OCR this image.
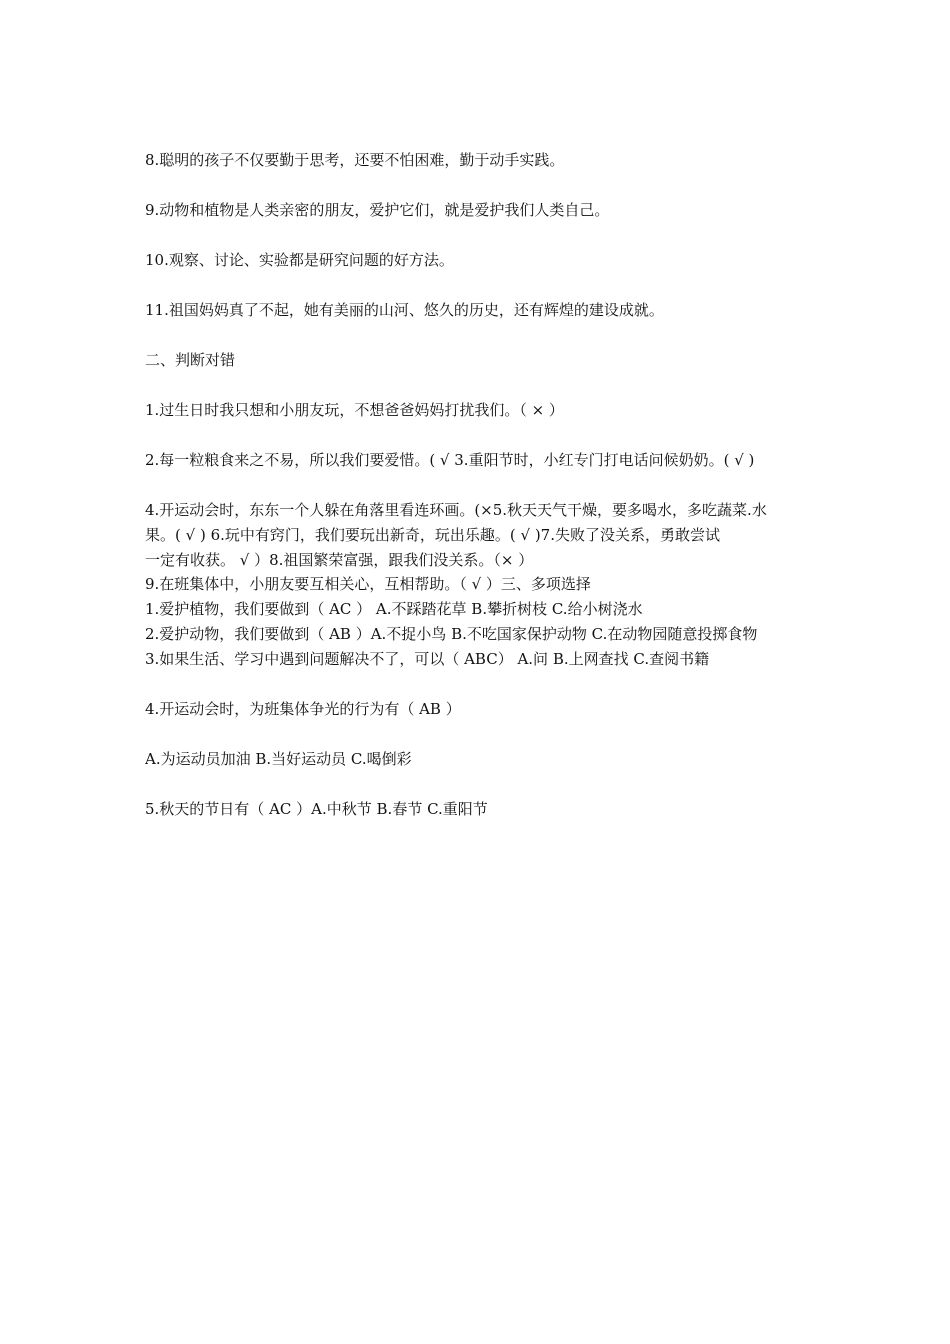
8.聪明的孩子不仅要勤于思考，还要不怕困难，勤于动手实践。
9.动物和植物是人类亲密的朋友，爱护它们，就是爱护我们人类自己。
10.观察、讨论、实验都是研究问题的好方法。
11.祖国妈妈真了不起，她有美丽的山河、悠久的历史，还有辉煌的建设成就。
二、判断对错
1.过生日时我只想和小朋友玩，不想爸爸妈妈打扰我们。（ × ）
2.每一粒粮食来之不易，所以我们要爱惜。( √ 3.重阳节时，小红专门打电话问候奶奶。( √ )
4.开运动会时，东东一个人躲在角落里看连环画。(×5.秋天天气干燥，要多喝水，多吃蔬菜.水
果。( √ ) 6.玩中有窍门，我们要玩出新奇，玩出乐趣。( √ )7.失败了没关系，勇敢尝试
一定有收获。 √ ）8.祖国繁荣富强，跟我们没关系。（× ）
9.在班集体中，小朋友要互相关心，互相帮助。（ √ ）三、多项选择
1.爱护植物，我们要做到（ AC ） A.不踩踏花草 B.攀折树枝 C.给小树浇水
2.爱护动物，我们要做到（ AB ）A.不捉小鸟 B.不吃国家保护动物 C.在动物园随意投掷食物
3.如果生活、学习中遇到问题解决不了，可以（ ABC） A.问 B.上网查找 C.查阅书籍
4.开运动会时，为班集体争光的行为有（ AB ）
A.为运动员加油 B.当好运动员 C.喝倒彩
5.秋天的节日有（ AC ）A.中秋节 B.春节 C.重阳节
